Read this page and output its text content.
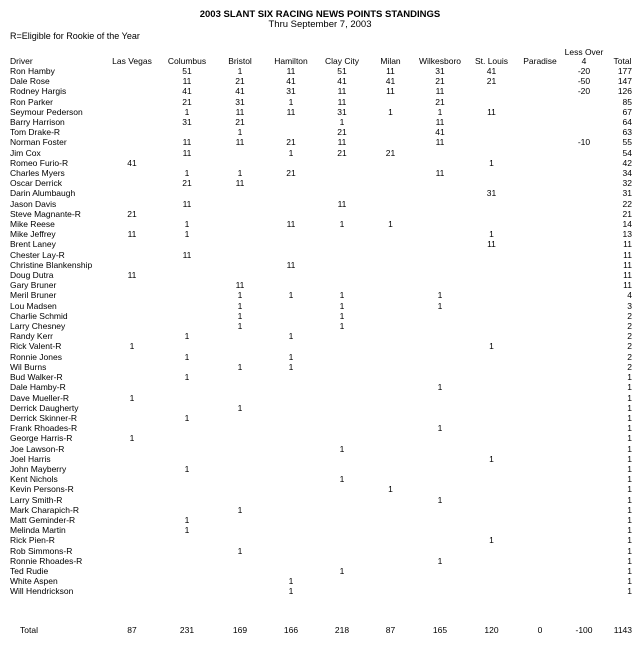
2003 SLANT SIX RACING NEWS POINTS STANDINGS
Thru September 7, 2003
R=Eligible for Rookie of the Year
Driver	Las Vegas	Columbus	Bristol	Hamilton	Clay City	Milan	Wilkesboro	St. Louis	Paradise	Less Over 4	Total
Ron Hamby		51	1	11	51	11	31	41		-20	177
Dale Rose		11	21	41	41	41	21	21		-50	147
Rodney Hargis		41	41	31	11	11	11			-20	126
Ron Parker		21	31	1	11		21				85
Seymour Pederson		1	11	11	31	1	1	11			67
Barry Harrison		31	21		1		11				64
Tom Drake-R			1		21		41				63
Norman Foster		11	11	21	11		11			-10	55
Jim Cox		11		1	21	21					54
Romeo Furio-R	41							1			42
Charles Myers		1	1	21			11				34
Oscar Derrick		21	11								32
Darin Alumbaugh								31			31
Jason Davis		11			11						22
Steve Magnante-R	21										21
Mike Reese		1		11	1	1					14
Mike Jeffrey	11	1						1			13
Brent Laney								11			11
Chester Lay-R		11									11
Christine Blankenship				11							11
Doug Dutra	11										11
Gary Bruner			11								11
Meril Bruner			1	1	1		1				4
Lou Madsen			1		1		1				3
Charlie Schmid			1		1						2
Larry Chesney			1		1						2
Randy Kerr		1		1							2
Rick Valent-R	1							1			2
Ronnie Jones		1		1							2
Wil Burns			1	1							2
Bud Walker-R		1									1
Dale Hamby-R							1				1
Dave Mueller-R	1										1
Derrick Daugherty			1								1
Derrick Skinner-R		1									1
Frank Rhoades-R							1				1
George Harris-R	1										1
Joe Lawson-R					1						1
Joel Harris								1			1
John Mayberry		1									1
Kent Nichols					1						1
Kevin Persons-R						1					1
Larry Smith-R							1				1
Mark Charapich-R			1								1
Matt Geminder-R		1									1
Melinda Martin		1									1
Rick Pien-R								1			1
Rob Simmons-R			1								1
Ronnie Rhoades-R							1				1
Ted Rudie					1						1
White Aspen				1							1
Will Hendrickson				1							1

Total	87	231	169	166	218	87	165	120	0	-100	1143
